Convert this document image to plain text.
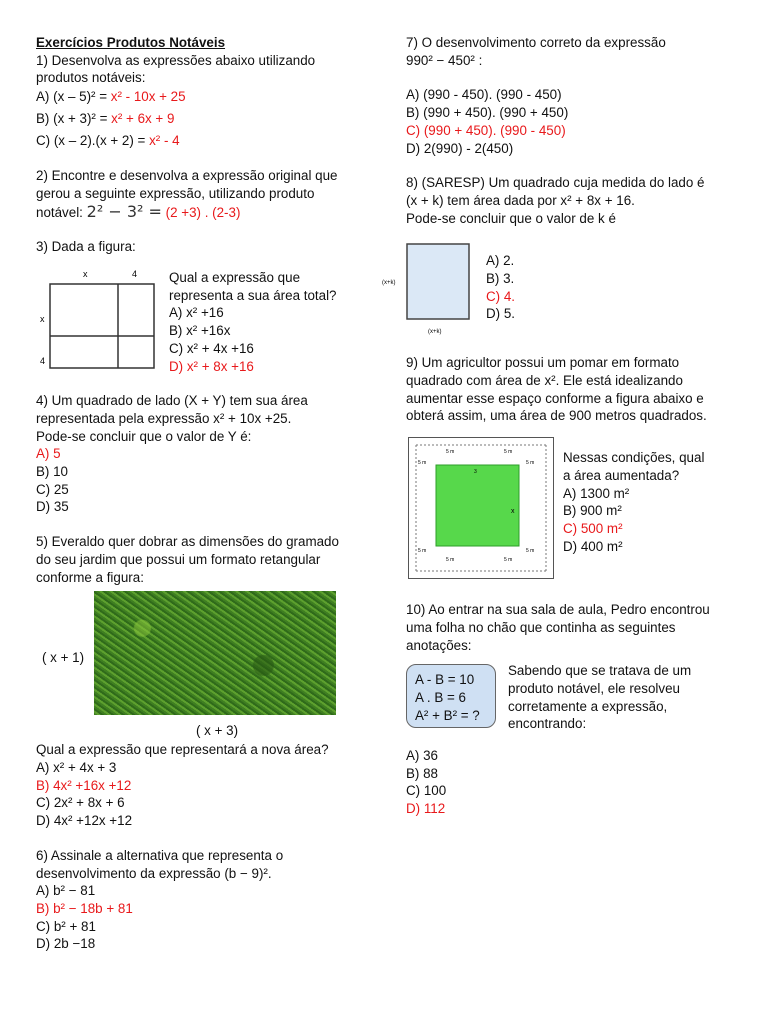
Exercícios Produtos Notáveis
1) Desenvolva as expressões abaixo utilizando
produtos notáveis:
A) (x – 5)² = x² - 10x + 25
B) (x + 3)² = x² + 6x + 9
C) (x – 2).(x + 2) = x² - 4
2) Encontre e desenvolva a expressão original que
gerou a seguinte expressão, utilizando produto
notável: 2² − 3² = (2 +3) . (2-3)
3) Dada a figura:
x	4
x
4
Qual a expressão que
representa a sua área total?
A) x² +16
B) x² +16x
C) x² + 4x +16
D) x² + 8x +16
4) Um quadrado de lado (X + Y) tem sua área
representada pela expressão x² + 10x +25.
Pode-se concluir que o valor de Y é:
A) 5
B) 10
C) 25
D) 35
5) Everaldo quer dobrar as dimensões do gramado
do seu jardim que possui um formato retangular
conforme a figura:
( x + 1)
( x + 3)
Qual a expressão que representará a nova área?
A) x² + 4x + 3
B) 4x² +16x +12
C) 2x² + 8x + 6
D) 4x² +12x +12
6) Assinale a alternativa que representa o
desenvolvimento da expressão (b − 9)².
A) b² − 81
B) b² − 18b + 81
C) b² + 81
D) 2b −18
7) O desenvolvimento correto da expressão
990² − 450² :
A) (990 - 450). (990 - 450)
B) (990 + 450). (990 + 450)
C) (990 + 450). (990 - 450)
D) 2(990) - 2(450)
8) (SARESP) Um quadrado cuja medida do lado é
(x + k) tem área dada por x² + 8x + 16.
Pode-se concluir que o valor de k é
(x+k)
(x+k)
A) 2.
B) 3.
C) 4.
D) 5.
9) Um agricultor possui um pomar em formato
quadrado com área de x². Ele está idealizando
aumentar esse espaço conforme a figura abaixo e
obterá assim, uma área de 900 metros quadrados.
5 m	5 m
5 m	5 m
5 m	5 m
5 m	5 m
3
x
Nessas condições, qual
a área aumentada?
A) 1300 m²
B) 900 m²
C) 500 m²
D) 400 m²
10) Ao entrar na sua sala de aula, Pedro encontrou
uma folha no chão que continha as seguintes
anotações:
A - B = 10
A . B = 6
A² + B² = ?
Sabendo que se tratava de um
produto notável, ele resolveu
corretamente a expressão,
encontrando:
A) 36
B) 88
C) 100
D) 112
